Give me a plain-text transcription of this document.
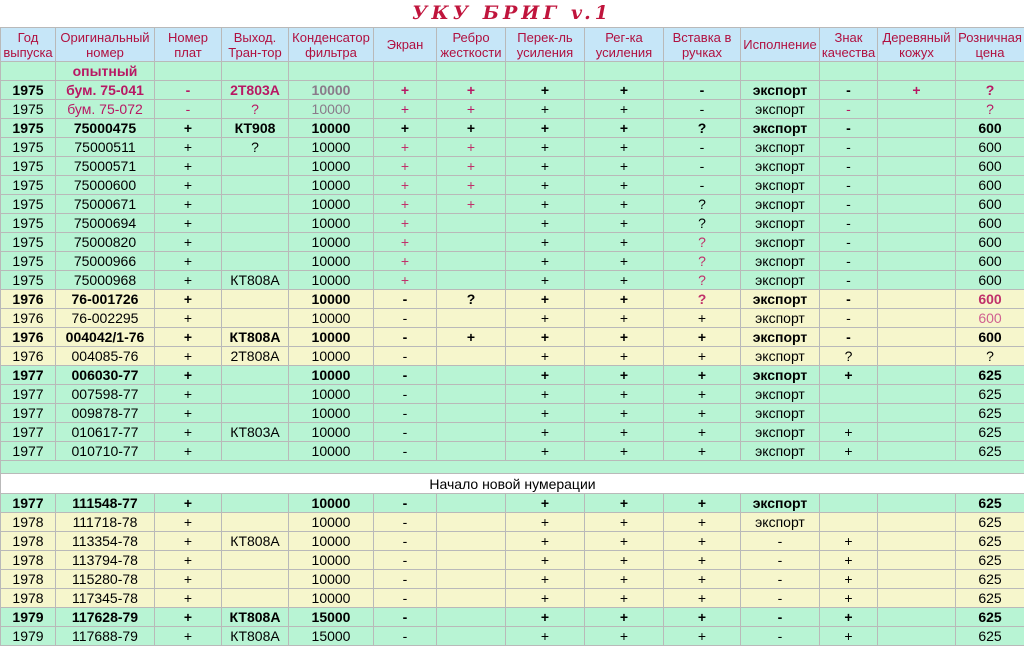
УКУ БРИГ v.1
Год выпуска	Оригинальный номер	Номер плат	Выход. Тран-тор	Конденсатор фильтра	Экран	Ребро жесткости	Перек-ль усиления	Рег-ка усиления	Вставка в ручках	Исполнение	Знак качества	Деревяный кожух	Розничная цена
	опытный												
1975	бум. 75-041	-	2Т803А	10000	+	+	+	+	-	экспорт	-	+	?
1975	бум. 75-072	-	?	10000	+	+	+	+	-	экспорт	-		?
1975	75000475	+	КТ908	10000	+	+	+	+	?	экспорт	-		600
1975	75000511	+	?	10000	+	+	+	+	-	экспорт	-		600
1975	75000571	+		10000	+	+	+	+	-	экспорт	-		600
1975	75000600	+		10000	+	+	+	+	-	экспорт	-		600
1975	75000671	+		10000	+	+	+	+	?	экспорт	-		600
1975	75000694	+		10000	+		+	+	?	экспорт	-		600
1975	75000820	+		10000	+		+	+	?	экспорт	-		600
1975	75000966	+		10000	+		+	+	?	экспорт	-		600
1975	75000968	+	КТ808А	10000	+		+	+	?	экспорт	-		600
1976	76-001726	+		10000	-	?	+	+	?	экспорт	-		600
1976	76-002295	+		10000	-		+	+	+	экспорт	-		600
1976	004042/1-76	+	КТ808А	10000	-	+	+	+	+	экспорт	-		600
1976	004085-76	+	2Т808А	10000	-		+	+	+	экспорт	?		?
1977	006030-77	+		10000	-		+	+	+	экспорт	+		625
1977	007598-77	+		10000	-		+	+	+	экспорт			625
1977	009878-77	+		10000	-		+	+	+	экспорт			625
1977	010617-77	+	КТ803А	10000	-		+	+	+	экспорт	+		625
1977	010710-77	+		10000	-		+	+	+	экспорт	+		625

Начало новой нумерации													
1977	111548-77	+		10000	-		+	+	+	экспорт			625
1978	111718-78	+		10000	-		+	+	+	экспорт			625
1978	113354-78	+	КТ808А	10000	-		+	+	+	-	+		625
1978	113794-78	+		10000	-		+	+	+	-	+		625
1978	115280-78	+		10000	-		+	+	+	-	+		625
1978	117345-78	+		10000	-		+	+	+	-	+		625
1979	117628-79	+	КТ808А	15000	-		+	+	+	-	+		625
1979	117688-79	+	КТ808А	15000	-		+	+	+	-	+		625
